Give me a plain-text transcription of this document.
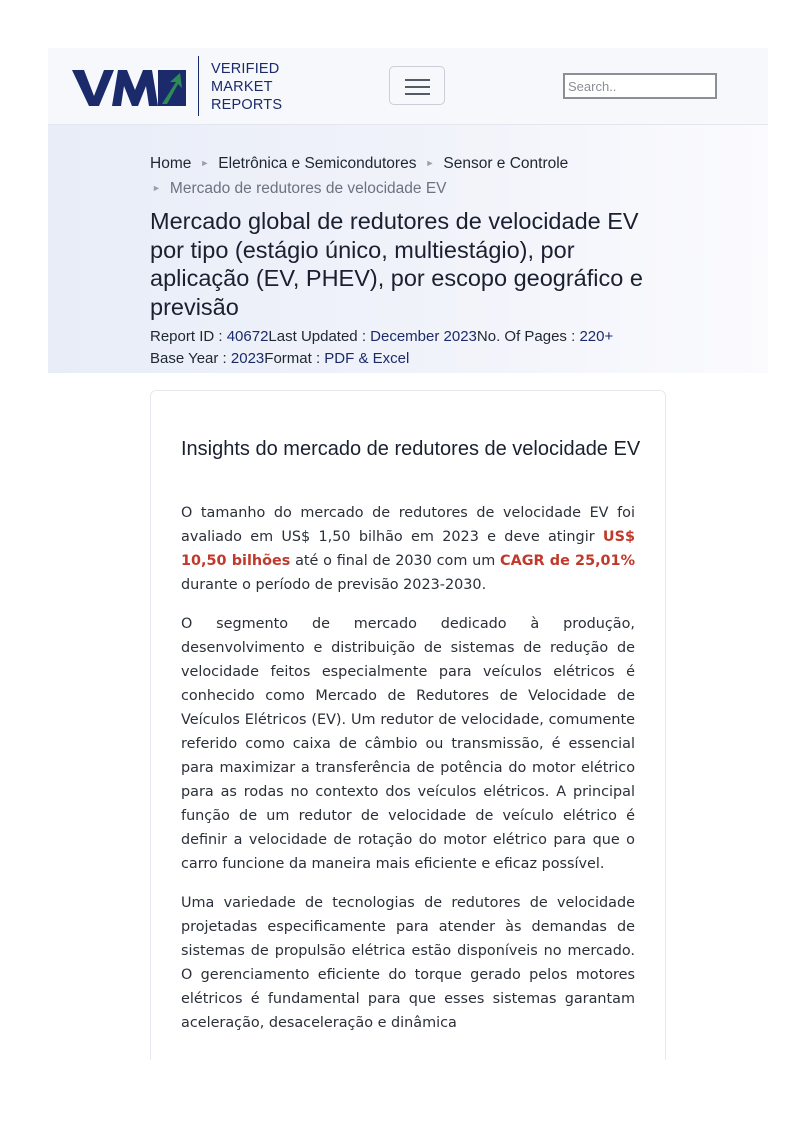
VERIFIED
MARKET
REPORTS
Search..
Home ► Eletrônica e Semicondutores ► Sensor e Controle
► Mercado de redutores de velocidade EV
Mercado global de redutores de velocidade EV por tipo (estágio único, multiestágio), por aplicação (EV, PHEV), por escopo geográfico e previsão
Report ID : 40672Last Updated : December 2023No. Of Pages : 220+
Base Year : 2023Format : PDF & Excel
Insights do mercado de redutores de velocidade EV

O tamanho do mercado de redutores de velocidade EV foi avaliado em US$ 1,50 bilhão em 2023 e deve atingir US$ 10,50 bilhões até o final de 2030 com um CAGR de 25,01% durante o período de previsão 2023-2030.

O segmento de mercado dedicado à produção, desenvolvimento e distribuição de sistemas de redução de velocidade feitos especialmente para veículos elétricos é conhecido como Mercado de Redutores de Velocidade de Veículos Elétricos (EV). Um redutor de velocidade, comumente referido como caixa de câmbio ou transmissão, é essencial para maximizar a transferência de potência do motor elétrico para as rodas no contexto dos veículos elétricos. A principal função de um redutor de velocidade de veículo elétrico é definir a velocidade de rotação do motor elétrico para que o carro funcione da maneira mais eficiente e eficaz possível.

Uma variedade de tecnologias de redutores de velocidade projetadas especificamente para atender às demandas de sistemas de propulsão elétrica estão disponíveis no mercado. O gerenciamento eficiente do torque gerado pelos motores elétricos é fundamental para que esses sistemas garantam aceleração, desaceleração e dinâmica
